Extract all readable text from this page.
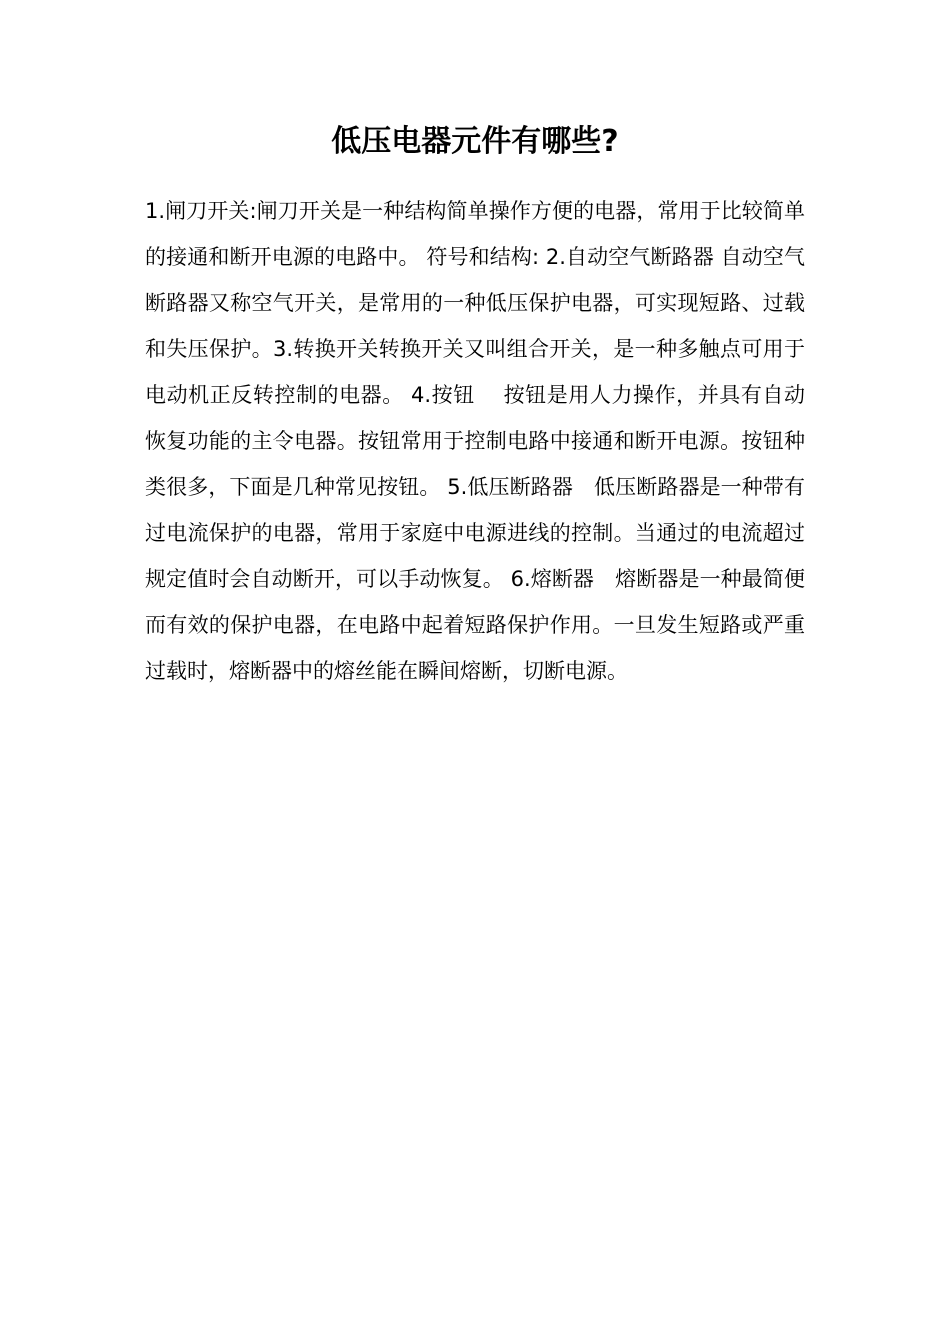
低压电器元件有哪些?

1.闸刀开关:闸刀开关是一种结构简单操作方便的电器，常用于比较简单的接通和断开电源的电路中。 符号和结构: 2.自动空气断路器 自动空气断路器又称空气开关，是常用的一种低压保护电器，可实现短路、过载和失压保护。3.转换开关转换开关又叫组合开关，是一种多触点可用于电动机正反转控制的电器。 4.按钮　 按钮是用人力操作，并具有自动恢复功能的主令电器。按钮常用于控制电路中接通和断开电源。按钮种类很多，下面是几种常见按钮。 5.低压断路器　低压断路器是一种带有过电流保护的电器，常用于家庭中电源进线的控制。当通过的电流超过规定值时会自动断开，可以手动恢复。 6.熔断器　熔断器是一种最简便而有效的保护电器，在电路中起着短路保护作用。一旦发生短路或严重过载时，熔断器中的熔丝能在瞬间熔断，切断电源。
